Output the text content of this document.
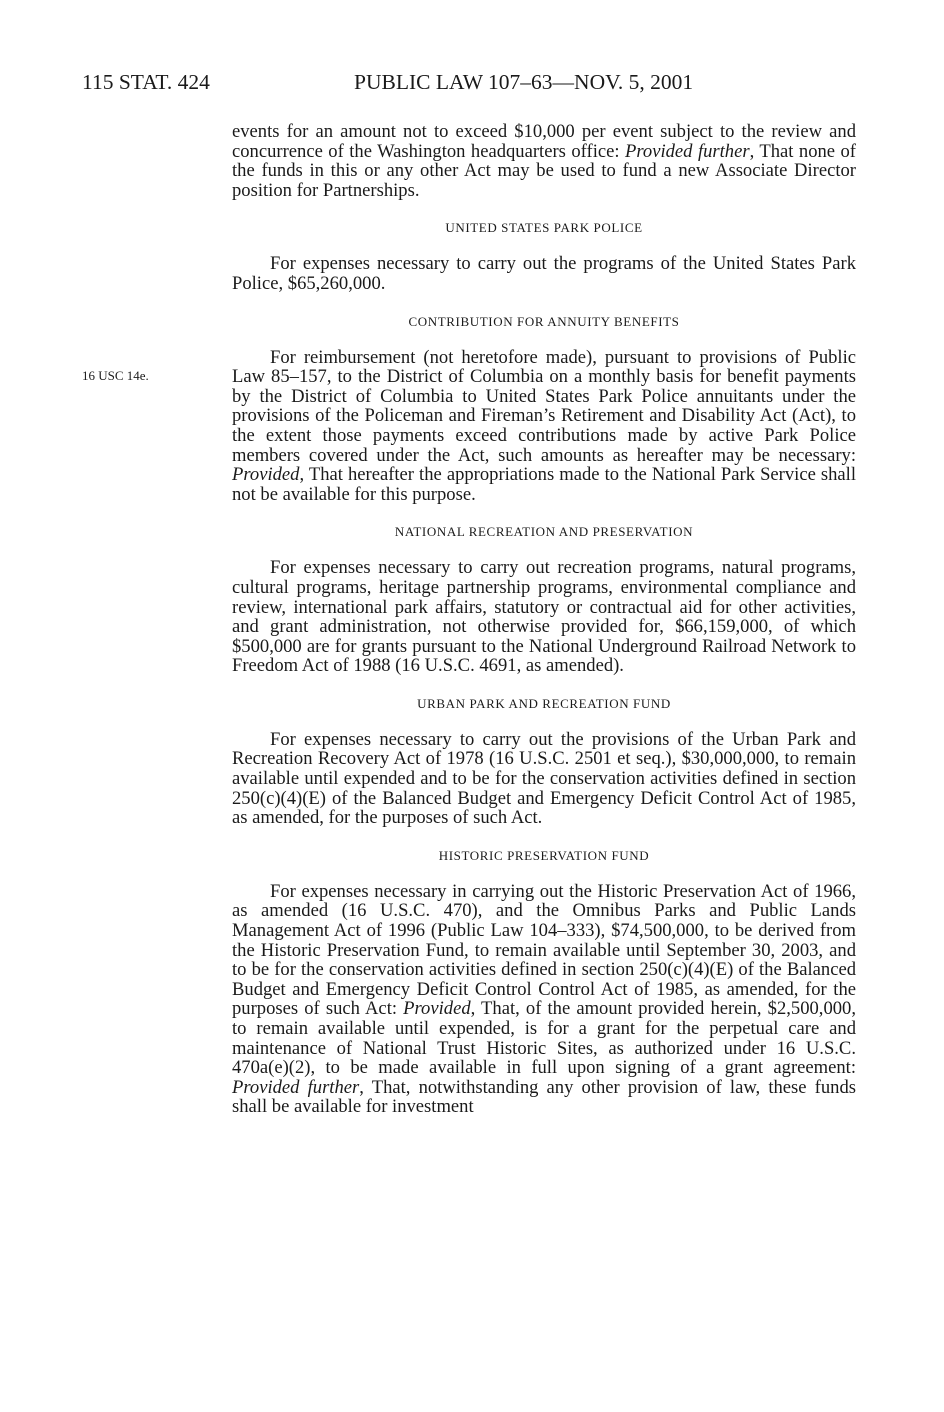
115 STAT. 424	PUBLIC LAW 107–63—NOV. 5, 2001
16 USC 14e.

events for an amount not to exceed $10,000 per event subject to the review and concurrence of the Washington headquarters office: Provided further, That none of the funds in this or any other Act may be used to fund a new Associate Director position for Partnerships.

UNITED STATES PARK POLICE

For expenses necessary to carry out the programs of the United States Park Police, $65,260,000.

CONTRIBUTION FOR ANNUITY BENEFITS

For reimbursement (not heretofore made), pursuant to provisions of Public Law 85–157, to the District of Columbia on a monthly basis for benefit payments by the District of Columbia to United States Park Police annuitants under the provisions of the Policeman and Fireman’s Retirement and Disability Act (Act), to the extent those payments exceed contributions made by active Park Police members covered under the Act, such amounts as hereafter may be necessary: Provided, That hereafter the appropriations made to the National Park Service shall not be available for this purpose.

NATIONAL RECREATION AND PRESERVATION

For expenses necessary to carry out recreation programs, natural programs, cultural programs, heritage partnership programs, environmental compliance and review, international park affairs, statutory or contractual aid for other activities, and grant administration, not otherwise provided for, $66,159,000, of which $500,000 are for grants pursuant to the National Underground Railroad Network to Freedom Act of 1988 (16 U.S.C. 4691, as amended).

URBAN PARK AND RECREATION FUND

For expenses necessary to carry out the provisions of the Urban Park and Recreation Recovery Act of 1978 (16 U.S.C. 2501 et seq.), $30,000,000, to remain available until expended and to be for the conservation activities defined in section 250(c)(4)(E) of the Balanced Budget and Emergency Deficit Control Act of 1985, as amended, for the purposes of such Act.

HISTORIC PRESERVATION FUND

For expenses necessary in carrying out the Historic Preservation Act of 1966, as amended (16 U.S.C. 470), and the Omnibus Parks and Public Lands Management Act of 1996 (Public Law 104–333), $74,500,000, to be derived from the Historic Preservation Fund, to remain available until September 30, 2003, and to be for the conservation activities defined in section 250(c)(4)(E) of the Balanced Budget and Emergency Deficit Control Control Act of 1985, as amended, for the purposes of such Act: Provided, That, of the amount provided herein, $2,500,000, to remain available until expended, is for a grant for the perpetual care and maintenance of National Trust Historic Sites, as authorized under 16 U.S.C. 470a(e)(2), to be made available in full upon signing of a grant agreement: Provided further, That, notwithstanding any other provision of law, these funds shall be available for investment
